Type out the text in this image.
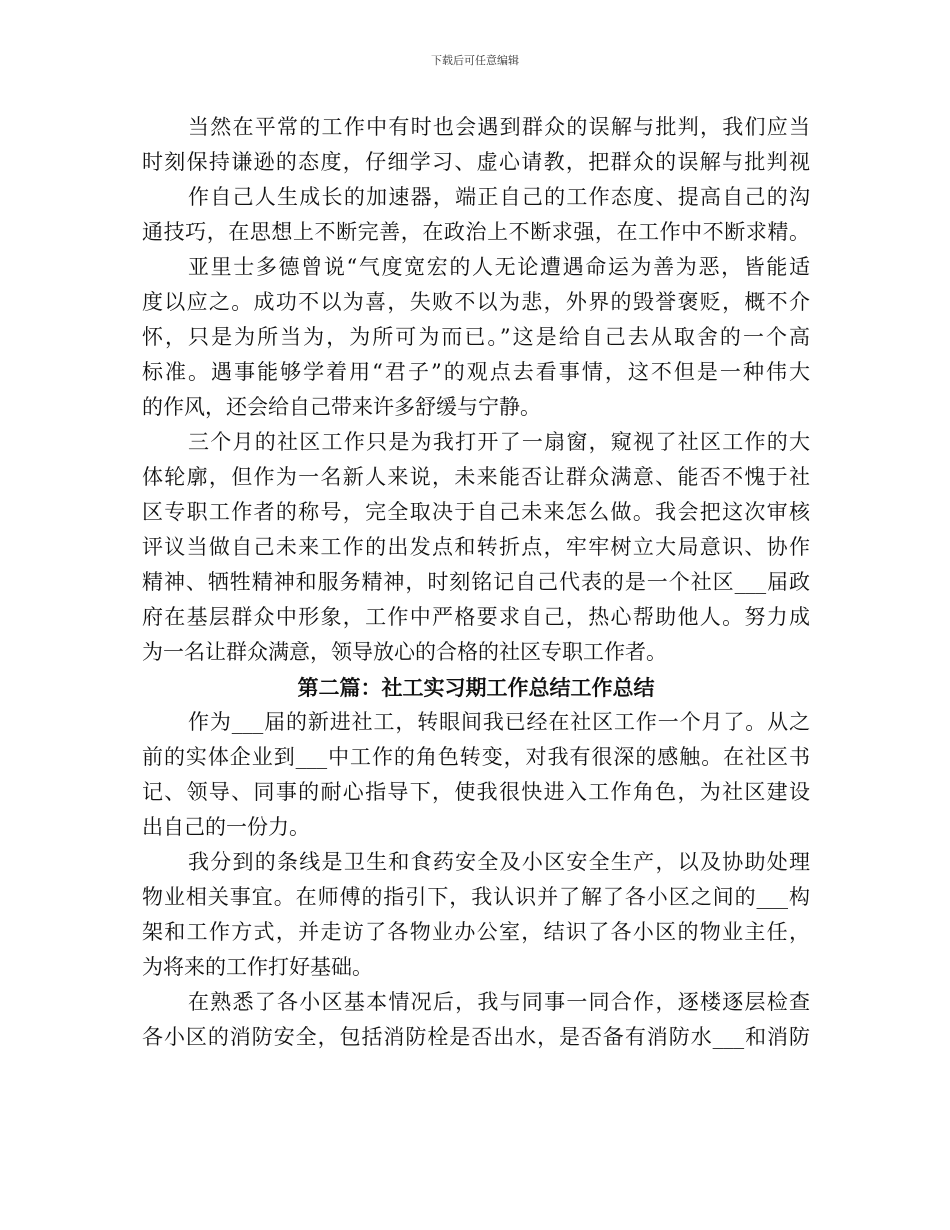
下载后可任意编辑
当然在平常的工作中有时也会遇到群众的误解与批判，我们应当
时刻保持谦逊的态度，仔细学习、虚心请教，把群众的误解与批判视
作自己人生成长的加速器，端正自己的工作态度、提高自己的沟
通技巧，在思想上不断完善，在政治上不断求强，在工作中不断求精。
亚里士多德曾说“气度宽宏的人无论遭遇命运为善为恶，皆能适
度以应之。成功不以为喜，失败不以为悲，外界的毁誉褒贬，概不介
怀，只是为所当为，为所可为而已。”这是给自己去从取舍的一个高
标准。遇事能够学着用“君子”的观点去看事情，这不但是一种伟大
的作风，还会给自己带来许多舒缓与宁静。
三个月的社区工作只是为我打开了一扇窗，窥视了社区工作的大
体轮廓，但作为一名新人来说，未来能否让群众满意、能否不愧于社
区专职工作者的称号，完全取决于自己未来怎么做。我会把这次审核
评议当做自己未来工作的出发点和转折点，牢牢树立大局意识、协作
精神、牺牲精神和服务精神，时刻铭记自己代表的是一个社区___届政
府在基层群众中形象，工作中严格要求自己，热心帮助他人。努力成
为一名让群众满意，领导放心的合格的社区专职工作者。
第二篇：社工实习期工作总结工作总结
作为___届的新进社工，转眼间我已经在社区工作一个月了。从之
前的实体企业到___中工作的角色转变，对我有很深的感触。在社区书
记、领导、同事的耐心指导下，使我很快进入工作角色，为社区建设
出自己的一份力。
我分到的条线是卫生和食药安全及小区安全生产，以及协助处理
物业相关事宜。在师傅的指引下，我认识并了解了各小区之间的___构
架和工作方式，并走访了各物业办公室，结识了各小区的物业主任，
为将来的工作打好基础。
在熟悉了各小区基本情况后，我与同事一同合作，逐楼逐层检查
各小区的消防安全，包括消防栓是否出水，是否备有消防水___和消防
